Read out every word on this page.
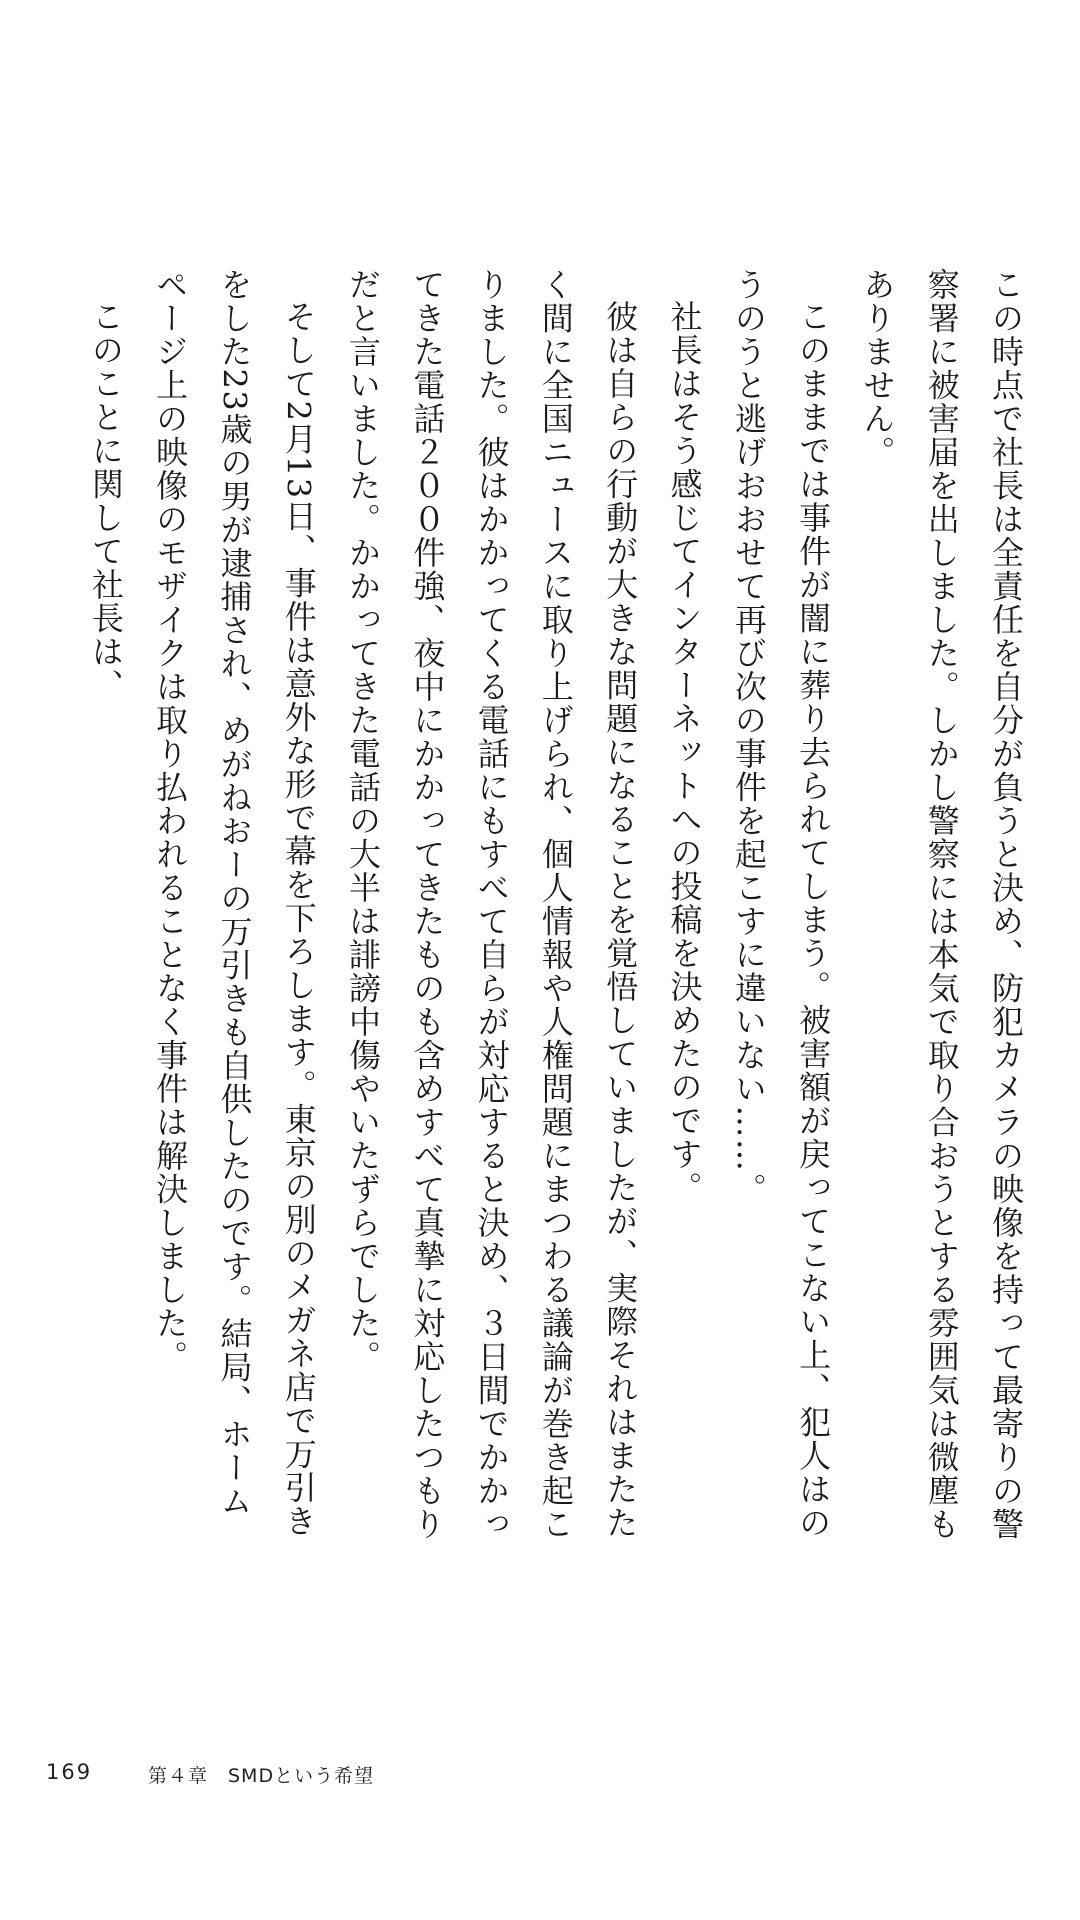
この時点で社長は全責任を自分が負うと決め、防犯カメラの映像を持って最寄りの警察署に被害届を出しました。しかし警察には本気で取り合おうとする雰囲気は微塵もありません。

このままでは事件が闇に葬り去られてしまう。被害額が戻ってこない上、犯人はのうのうと逃げおおせて再び次の事件を起こすに違いない……。

社長はそう感じてインターネットへの投稿を決めたのです。

彼は自らの行動が大きな問題になることを覚悟していましたが、実際それはまたたく間に全国ニュースに取り上げられ、個人情報や人権問題にまつわる議論が巻き起こりました。彼はかかってくる電話にもすべて自らが対応すると決め、３日間でかかってきた電話２００件強、夜中にかかってきたものも含めすべて真摯に対応したつもりだと言いました。かかってきた電話の大半は誹謗中傷やいたずらでした。

そして2月13日、事件は意外な形で幕を下ろします。東京の別のメガネ店で万引きをした23歳の男が逮捕され、めがねおーの万引きも自供したのです。結局、ホームページ上の映像のモザイクは取り払われることなく事件は解決しました。

このことに関して社長は、

169	第４章　SMDという希望
